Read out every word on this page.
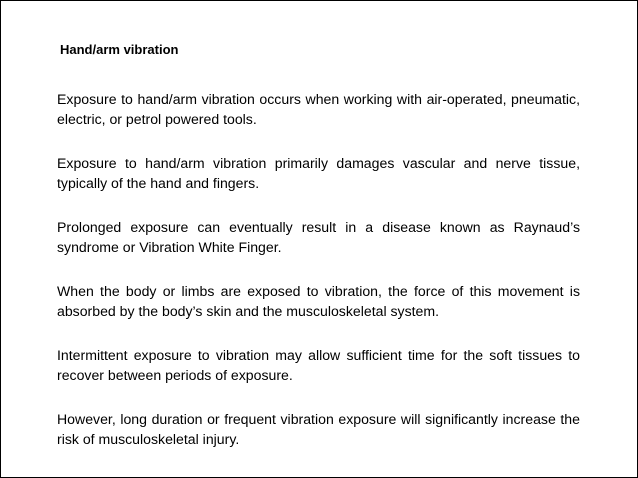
Hand/arm vibration

Exposure to hand/arm vibration occurs when working with air-operated, pneumatic, electric, or petrol powered tools.

Exposure to hand/arm vibration primarily damages vascular and nerve tissue, typically of the hand and fingers.

Prolonged exposure can eventually result in a disease known as Raynaud’s syndrome or Vibration White Finger.

When the body or limbs are exposed to vibration, the force of this movement is absorbed by the body’s skin and the musculoskeletal system.

Intermittent exposure to vibration may allow sufficient time for the soft tissues to recover between periods of exposure.

However, long duration or frequent vibration exposure will significantly increase the risk of musculoskeletal injury.
